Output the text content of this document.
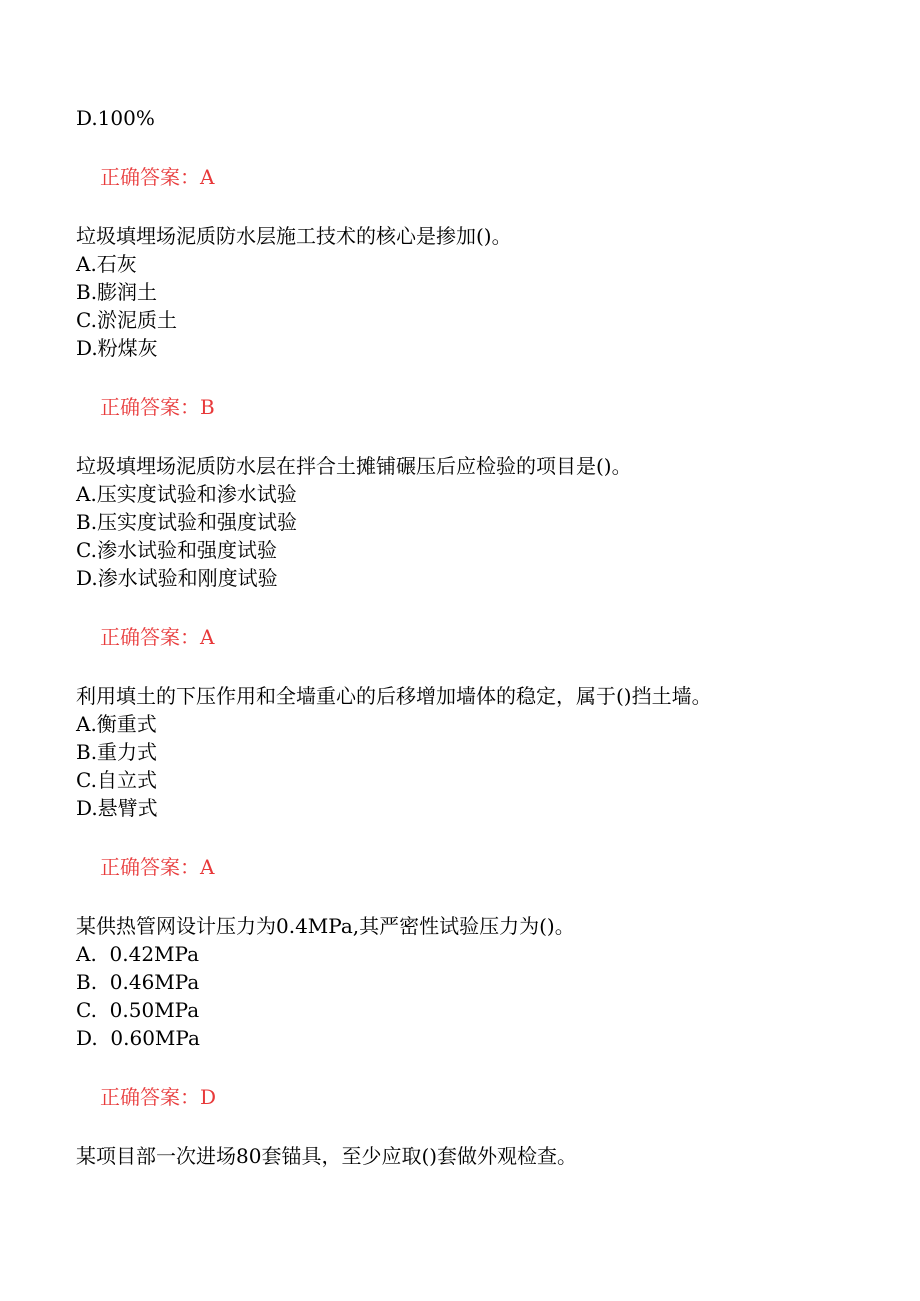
D.100%
正确答案：A
垃圾填埋场泥质防水层施工技术的核心是掺加()。
A.石灰
B.膨润土
C.淤泥质土
D.粉煤灰
正确答案：B
垃圾填埋场泥质防水层在拌合土摊铺碾压后应检验的项目是()。
A.压实度试验和渗水试验
B.压实度试验和强度试验
C.渗水试验和强度试验
D.渗水试验和刚度试验
正确答案：A
利用填土的下压作用和全墙重心的后移增加墙体的稳定，属于()挡土墙。
A.衡重式
B.重力式
C.自立式
D.悬臂式
正确答案：A
某供热管网设计压力为0.4MPa,其严密性试验压力为()。
A.  0.42MPa
B.  0.46MPa
C.  0.50MPa
D.  0.60MPa
正确答案：D
某项目部一次进场80套锚具，至少应取()套做外观检查。
